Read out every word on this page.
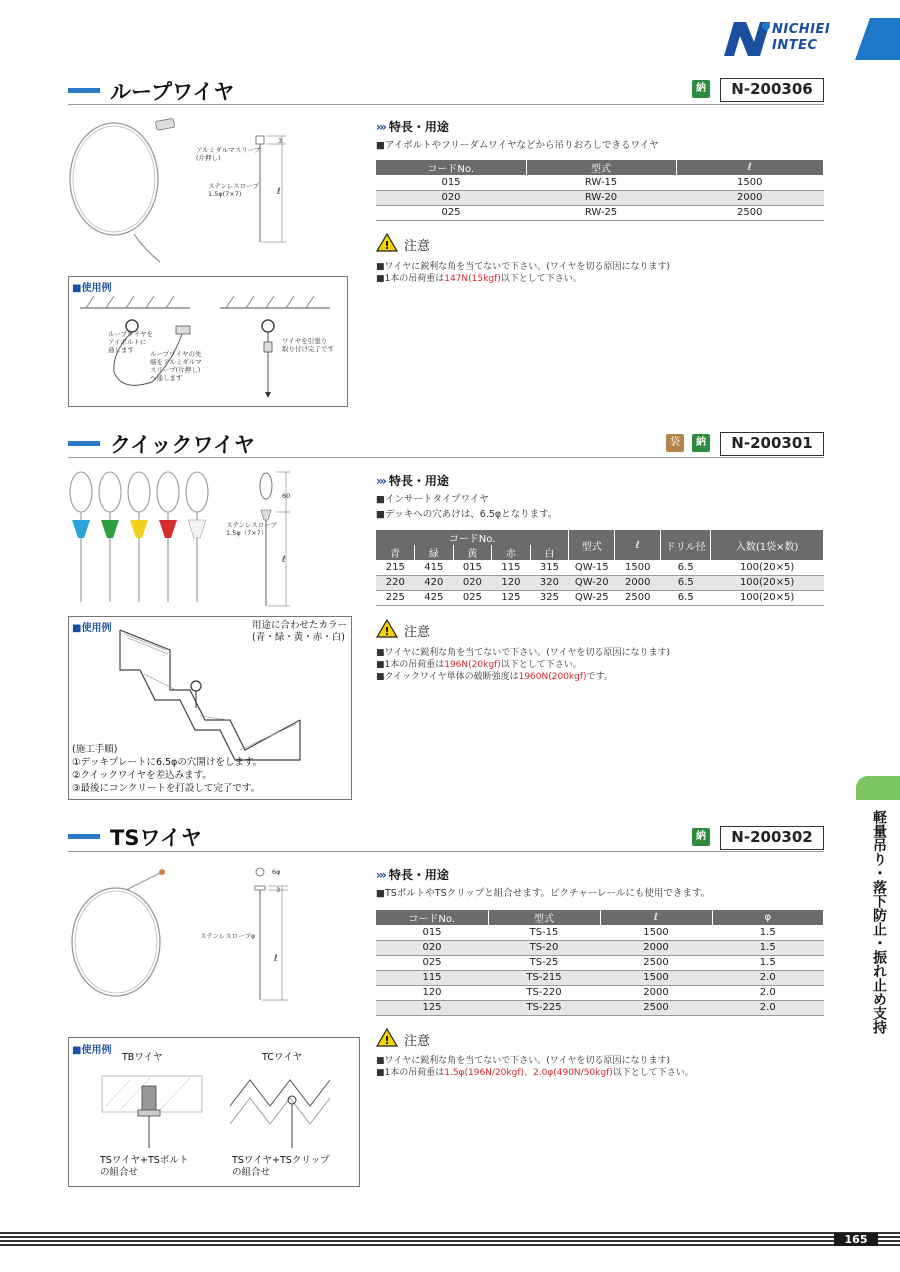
NICHIEI
INTEC
ループワイヤ	納	N-200306
3
ℓ
アルミダルマスリーブ
(片押し)
ステンレスロープ
1.5φ(7×7)
››› 特長・用途
■アイボルトやフリーダムワイヤなどから吊りおろしできるワイヤ
コードNo.	型式	ℓ
015	RW-15	1500
020	RW-20	2000
025	RW-25	2500
! 注意
■ワイヤに鋭利な角を当てないで下さい。(ワイヤを切る原因になります)
■1本の吊荷重は147N(15kgf)以下として下さい。
■使用例
ループワイヤを
アイボルトに
通します	ループワイヤの先
端をアルミダルマ
スリーブ(片押し)
へ通します
ワイヤを引張り
取り付け完了です
クイックワイヤ	袋	納	N-200301
60
ℓ
ステンレスロープ
1.5φ（7×7）
››› 特長・用途
■インサートタイプワイヤ
■デッキへの穴あけは、6.5φとなります。
コードNo.					型式	ℓ	ドリル径	入数(1袋×数)
青	緑	黄	赤	白				
215	415	015	115	315	QW-15	1500	6.5	100(20×5)
220	420	020	120	320	QW-20	2000	6.5	100(20×5)
225	425	025	125	325	QW-25	2500	6.5	100(20×5)
! 注意
■ワイヤに鋭利な角を当てないで下さい。(ワイヤを切る原因になります)
■1本の吊荷重は196N(20kgf)以下として下さい。
■クイックワイヤ単体の破断強度は1960N(200kgf)です。
■使用例	用途に合わせたカラー
(青・緑・黄・赤・白)
(施工手順)
①デッキプレートに6.5φの穴開けをします。
②クイックワイヤを差込みます。
③最後にコンクリートを打設して完了です。
TSワイヤ	納	N-200302
6φ
3
ステンレスロープφ
ℓ
››› 特長・用途
■TSボルトやTSクリップと組合せます。ピクチャーレールにも使用できます。
コードNo.	型式	ℓ	φ
015	TS-15	1500	1.5
020	TS-20	2000	1.5
025	TS-25	2500	1.5
115	TS-215	1500	2.0
120	TS-220	2000	2.0
125	TS-225	2500	2.0
! 注意
■ワイヤに鋭利な角を当てないで下さい。(ワイヤを切る原因になります)
■1本の吊荷重は1.5φ(196N/20kgf)、2.0φ(490N/50kgf)以下として下さい。
■使用例
TBワイヤ	TCワイヤ
TSワイヤ+TSボルト
の組合せ
TSワイヤ+TSクリップ
の組合せ
軽量吊り・落下防止・振れ止め支持
165
